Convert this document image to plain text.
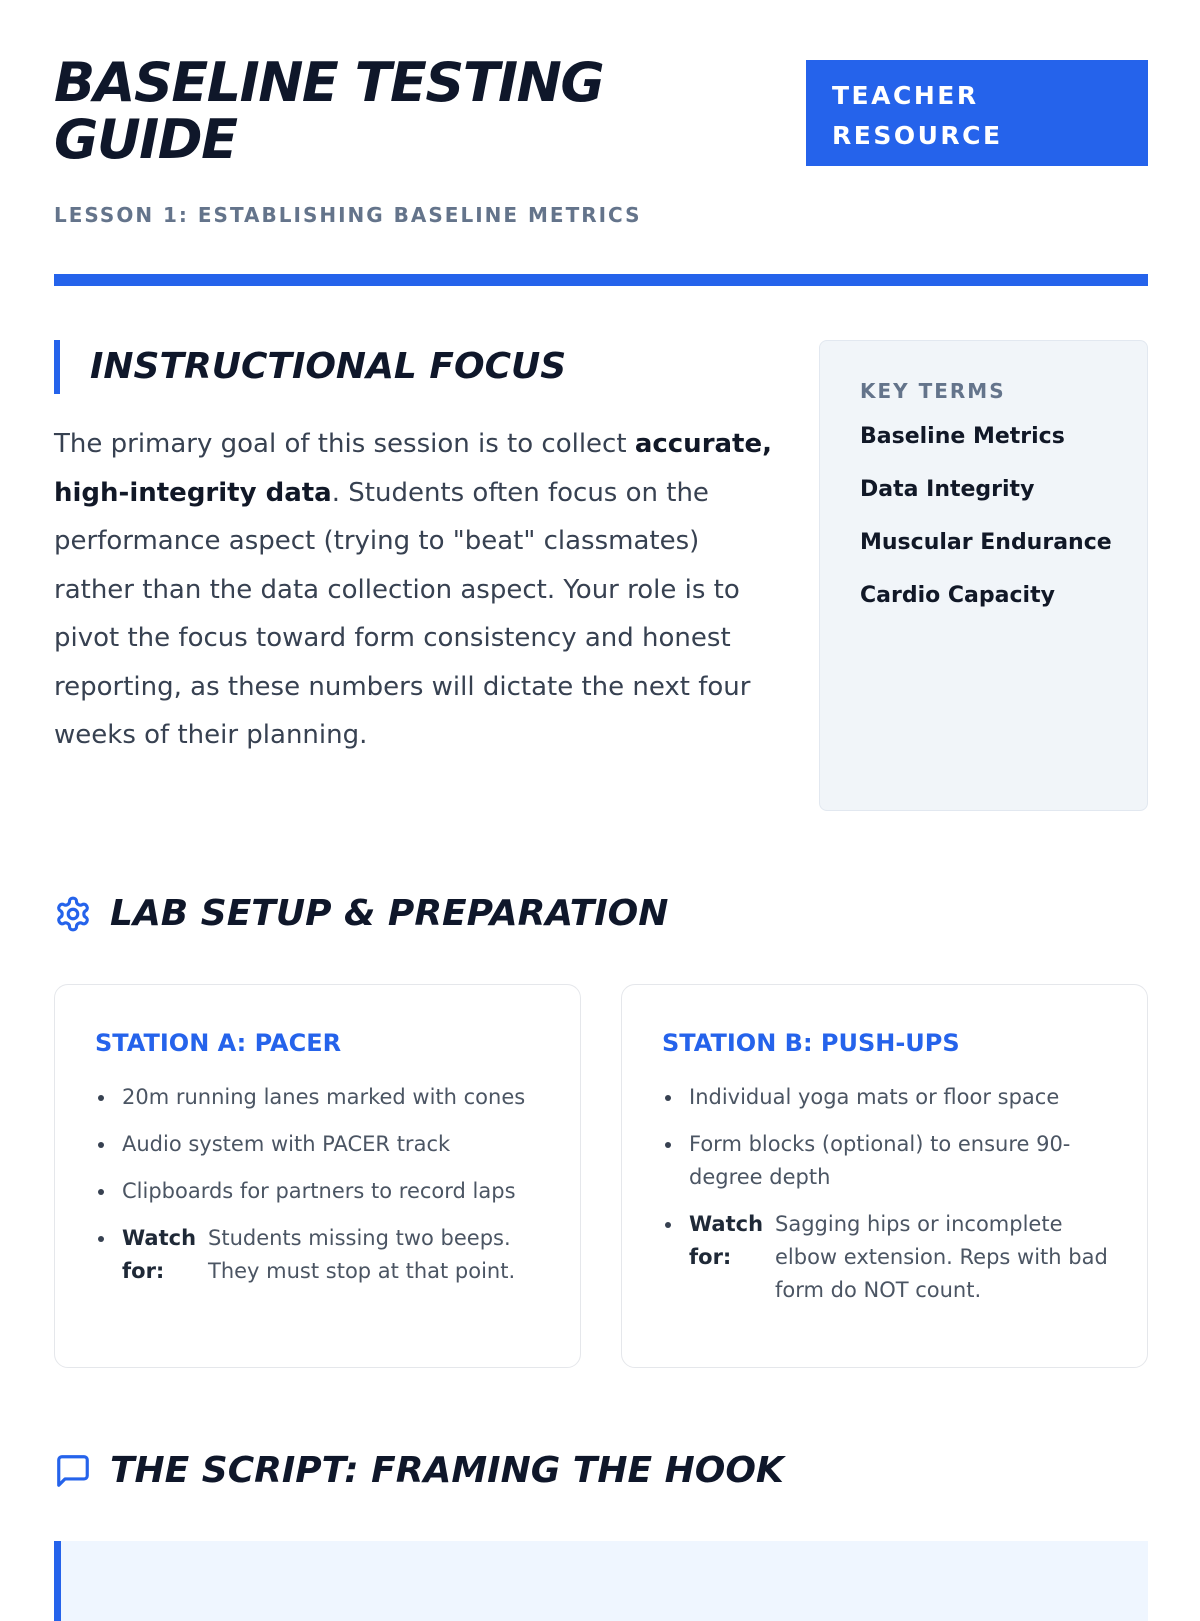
BASELINE TESTING GUIDE
TEACHER
RESOURCE
LESSON 1: ESTABLISHING BASELINE METRICS
INSTRUCTIONAL FOCUS

The primary goal of this session is to collect accurate, high-integrity data. Students often focus on the performance aspect (trying to "beat" classmates) rather than the data collection aspect. Your role is to pivot the focus toward form consistency and honest reporting, as these numbers will dictate the next four weeks of their planning.

KEY TERMS
Baseline Metrics
Data Integrity
Muscular Endurance
Cardio Capacity
LAB SETUP & PREPARATION
STATION A: PACER
20m running lanes marked with cones
Audio system with PACER track
Clipboards for partners to record laps
Watch for:
Students missing two beeps. They must stop at that point.
STATION B: PUSH-UPS
Individual yoga mats or floor space
Form blocks (optional) to ensure 90-degree depth
Watch for:
Sagging hips or incomplete elbow extension. Reps with bad form do NOT count.
THE SCRIPT: FRAMING THE HOOK
